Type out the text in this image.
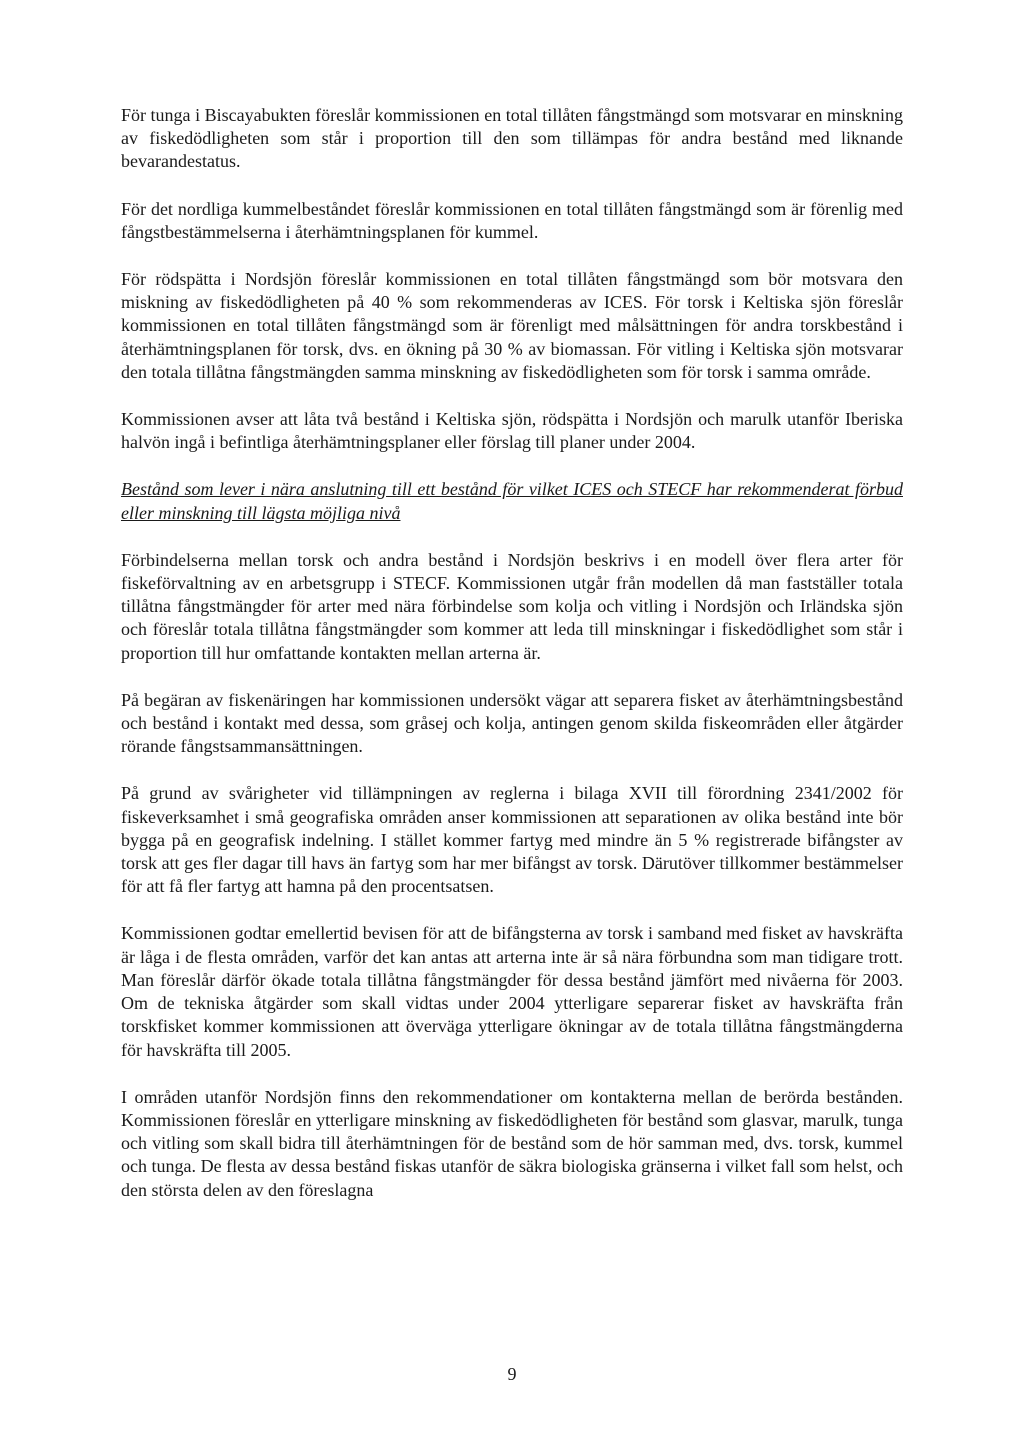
För tunga i Biscayabukten föreslår kommissionen en total tillåten fångstmängd som motsvarar en minskning av fiskedödligheten som står i proportion till den som tillämpas för andra bestånd med liknande bevarandestatus.

För det nordliga kummelbeståndet föreslår kommissionen en total tillåten fångstmängd som är förenlig med fångstbestämmelserna i återhämtningsplanen för kummel.

För rödspätta i Nordsjön föreslår kommissionen en total tillåten fångstmängd som bör motsvara den miskning av fiskedödligheten på 40 % som rekommenderas av ICES. För torsk i Keltiska sjön föreslår kommissionen en total tillåten fångstmängd som är förenligt med målsättningen för andra torskbestånd i återhämtningsplanen för torsk, dvs. en ökning på 30 % av biomassan. För vitling i Keltiska sjön motsvarar den totala tillåtna fångstmängden samma minskning av fiskedödligheten som för torsk i samma område.

Kommissionen avser att låta två bestånd i Keltiska sjön, rödspätta i Nordsjön och marulk utanför Iberiska halvön ingå i befintliga återhämtningsplaner eller förslag till planer under 2004.

Bestånd som lever i nära anslutning till ett bestånd för vilket ICES och STECF har rekommenderat förbud eller minskning till lägsta möjliga nivå

Förbindelserna mellan torsk och andra bestånd i Nordsjön beskrivs i en modell över flera arter för fiskeförvaltning av en arbetsgrupp i STECF. Kommissionen utgår från modellen då man fastställer totala tillåtna fångstmängder för arter med nära förbindelse som kolja och vitling i Nordsjön och Irländska sjön och föreslår totala tillåtna fångstmängder som kommer att leda till minskningar i fiskedödlighet som står i proportion till hur omfattande kontakten mellan arterna är.

På begäran av fiskenäringen har kommissionen undersökt vägar att separera fisket av återhämtningsbestånd och bestånd i kontakt med dessa, som gråsej och kolja, antingen genom skilda fiskeområden eller åtgärder rörande fångstsammansättningen.

På grund av svårigheter vid tillämpningen av reglerna i bilaga XVII till förordning 2341/2002 för fiskeverksamhet i små geografiska områden anser kommissionen att separationen av olika bestånd inte bör bygga på en geografisk indelning. I stället kommer fartyg med mindre än 5 % registrerade bifångster av torsk att ges fler dagar till havs än fartyg som har mer bifångst av torsk. Därutöver tillkommer bestämmelser för att få fler fartyg att hamna på den procentsatsen.

Kommissionen godtar emellertid bevisen för att de bifångsterna av torsk i samband med fisket av havskräfta är låga i de flesta områden, varför det kan antas att arterna inte är så nära förbundna som man tidigare trott. Man föreslår därför ökade totala tillåtna fångstmängder för dessa bestånd jämfört med nivåerna för 2003. Om de tekniska åtgärder som skall vidtas under 2004 ytterligare separerar fisket av havskräfta från torskfisket kommer kommissionen att överväga ytterligare ökningar av de totala tillåtna fångstmängderna för havskräfta till 2005.

I områden utanför Nordsjön finns den rekommendationer om kontakterna mellan de berörda bestånden. Kommissionen föreslår en ytterligare minskning av fiskedödligheten för bestånd som glasvar, marulk, tunga och vitling som skall bidra till återhämtningen för de bestånd som de hör samman med, dvs. torsk, kummel och tunga. De flesta av dessa bestånd fiskas utanför de säkra biologiska gränserna i vilket fall som helst, och den största delen av den föreslagna

9
